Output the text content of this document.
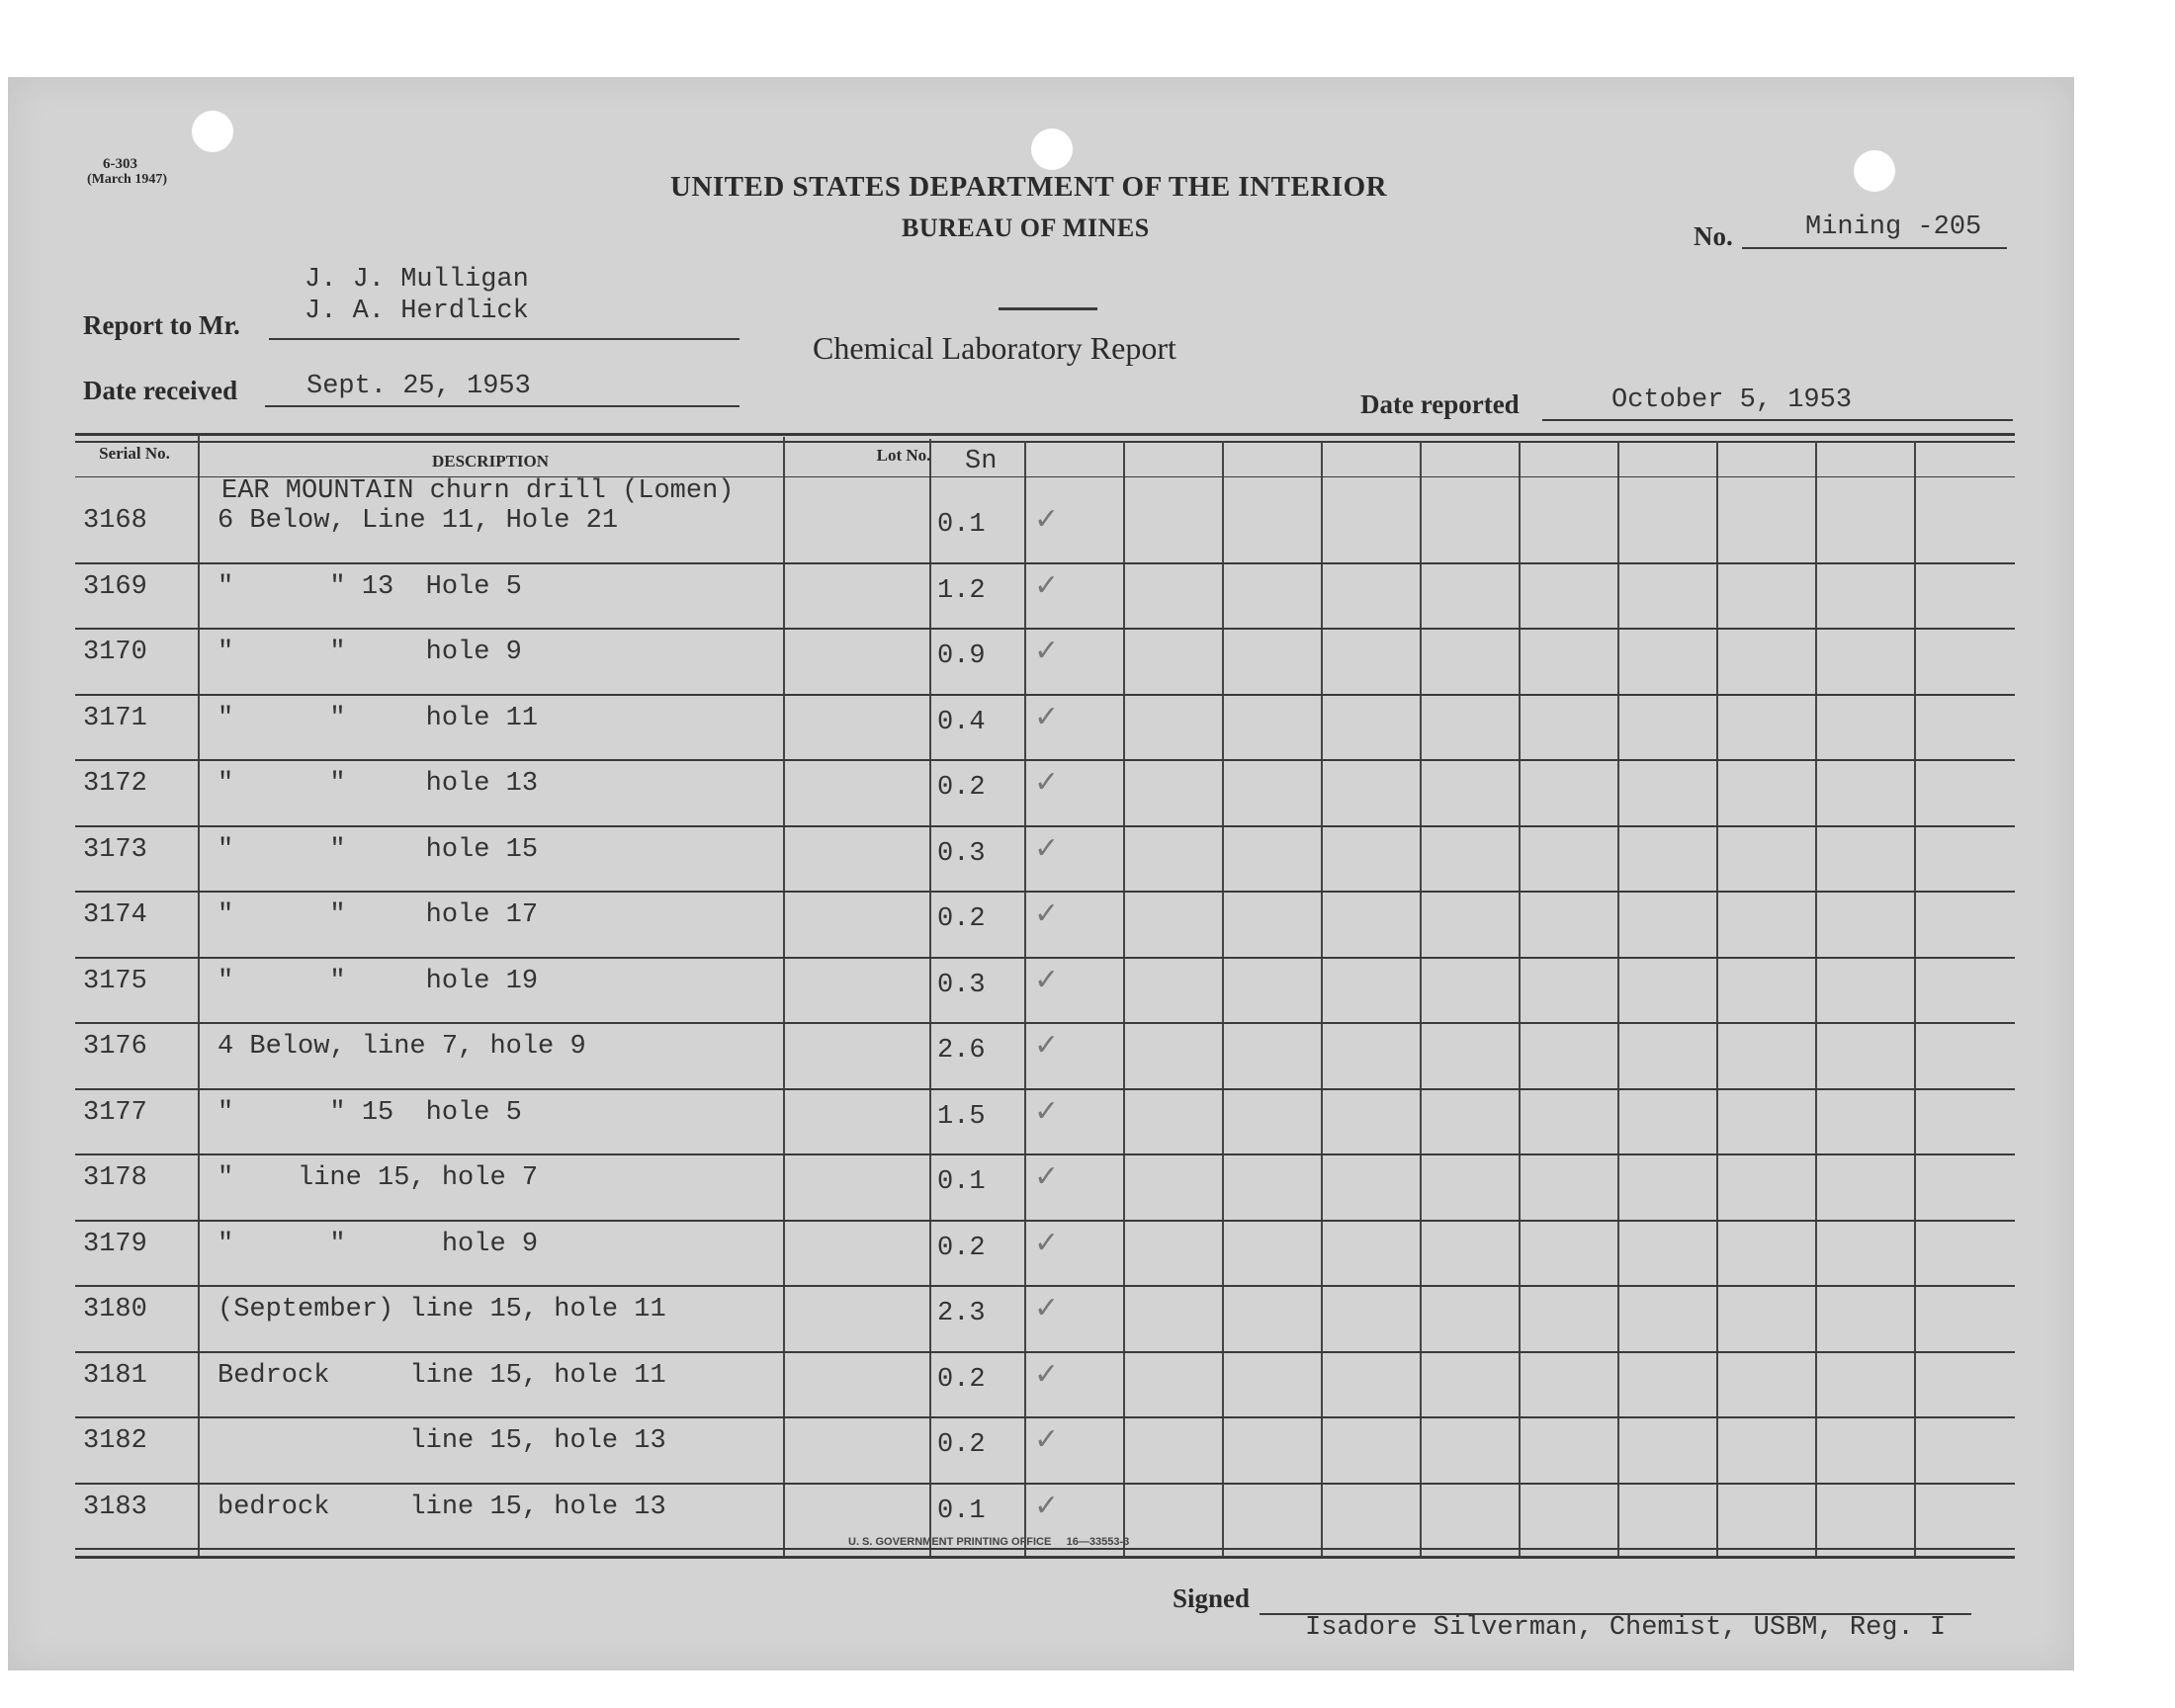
6-303
(March 1947)	UNITED STATES DEPARTMENT OF THE INTERIOR
BUREAU OF MINES
Chemical Laboratory Report
No.	Mining -205
Report to Mr.
J. J. Mulligan
J. A. Herdlick
Date received	Sept. 25, 1953
Date reported	October 5, 1953
Serial No.	DESCRIPTION	Lot No. Sn
EAR MOUNTAIN churn drill (Lomen)
3168	6 Below, Line 11, Hole 21	0.1 ✓
3169	"      " 13  Hole 5	1.2 ✓
3170	"      "     hole 9	0.9 ✓
3171	"      "     hole 11	0.4 ✓
3172	"      "     hole 13	0.2 ✓
3173	"      "     hole 15	0.3 ✓
3174	"      "     hole 17	0.2 ✓
3175	"      "     hole 19	0.3 ✓
3176	4 Below, line 7, hole 9	2.6 ✓
3177	"      " 15  hole 5	1.5 ✓
3178	"    line 15, hole 7	0.1 ✓
3179	"      "      hole 9	0.2 ✓
3180	(September) line 15, hole 11	2.3 ✓
3181	Bedrock     line 15, hole 11	0.2 ✓
3182	line 15, hole 13	0.2 ✓
3183	bedrock     line 15, hole 13	0.1 ✓
U. S. GOVERNMENT PRINTING OFFICE     16—33553-3
Signed
Isadore Silverman, Chemist, USBM, Reg. I
